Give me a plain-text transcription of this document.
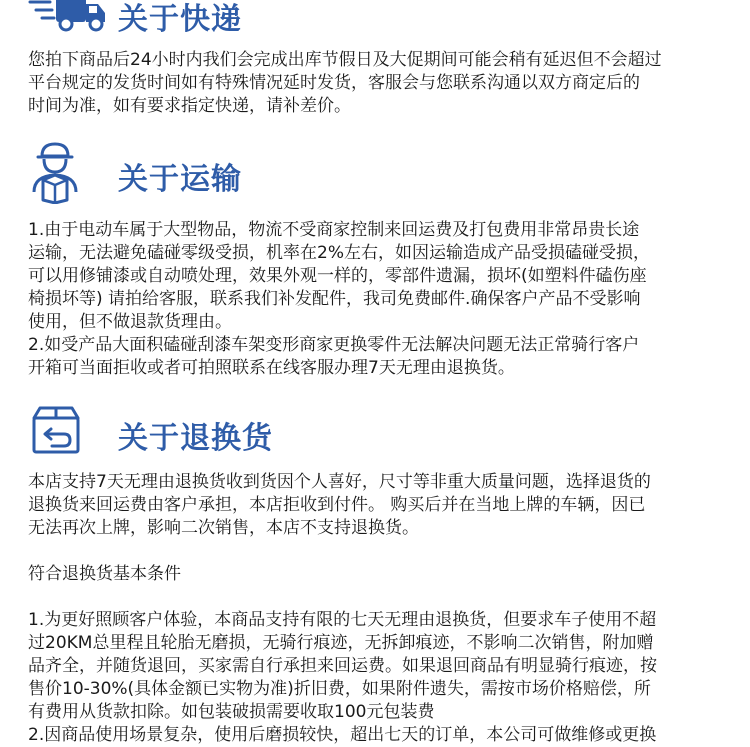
关于快递
您拍下商品后24小时内我们会完成出库节假日及大促期间可能会稍有延迟但不会超过
平台规定的发货时间如有特殊情况延时发货，客服会与您联系沟通以双方商定后的
时间为准，如有要求指定快递，请补差价。
关于运输
1.由于电动车属于大型物品，物流不受商家控制来回运费及打包费用非常昂贵长途
运输，无法避免磕碰零级受损，机率在2%左右，如因运输造成产品受损磕碰受损，
可以用修铺漆或自动喷处理，效果外观一样的，零部件遗漏，损坏(如塑料件磕伤座
椅损坏等) 请拍给客服，联系我们补发配件，我司免费邮件.确保客户产品不受影响
使用，但不做退款货理由。
2.如受产品大面积磕碰刮漆车架变形商家更换零件无法解决问题无法正常骑行客户
开箱可当面拒收或者可拍照联系在线客服办理7天无理由退换货。
关于退换货
本店支持7天无理由退换货收到货因个人喜好，尺寸等非重大质量问题，选择退货的
退换货来回运费由客户承担，本店拒收到付件。 购买后并在当地上牌的车辆，因已
无法再次上牌，影响二次销售，本店不支持退换货。
符合退换货基本条件
1.为更好照顾客户体验，本商品支持有限的七天无理由退换货，但要求车子使用不超
过20KM总里程且轮胎无磨损，无骑行痕迹，无拆卸痕迹，不影响二次销售，附加赠
品齐全，并随货退回，买家需自行承担来回运费。如果退回商品有明显骑行痕迹，按
售价10-30%(具体金额已实物为准)折旧费，如果附件遗失，需按市场价格赔偿，所
有费用从货款扣除。如包装破损需要收取100元包装费
2.因商品使用场景复杂，使用后磨损较快，超出七天的订单，本公司可做维修或更换
